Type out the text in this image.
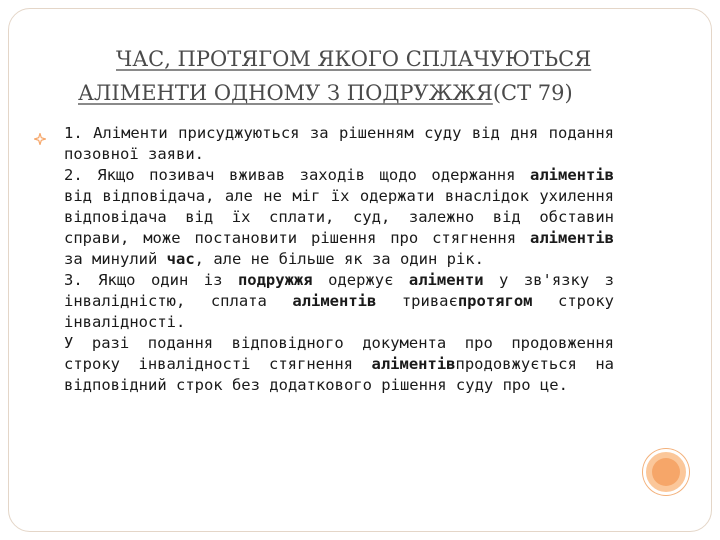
ЧАС, ПРОТЯГОМ ЯКОГО СПЛАЧУЮТЬСЯ
АЛІМЕНТИ ОДНОМУ З ПОДРУЖЖЯ(СТ 79)

1. Аліменти присуджуються за рішенням суду від дня подання позовної заяви.

2. Якщо позивач вживав заходів щодо одержання аліментів від відповідача, але не міг їх одержати внаслідок ухилення відповідача від їх сплати, суд, залежно від обставин справи, може постановити рішення про стягнення аліментів за минулий час, але не більше як за один рік.

3. Якщо один із подружжя одержує аліменти у зв'язку з інвалідністю, сплата аліментів триваєпротягом строку інвалідності.

У разі подання відповідного документа про продовження строку інвалідності стягнення аліментівпродовжується на відповідний строк без додаткового рішення суду про це.
